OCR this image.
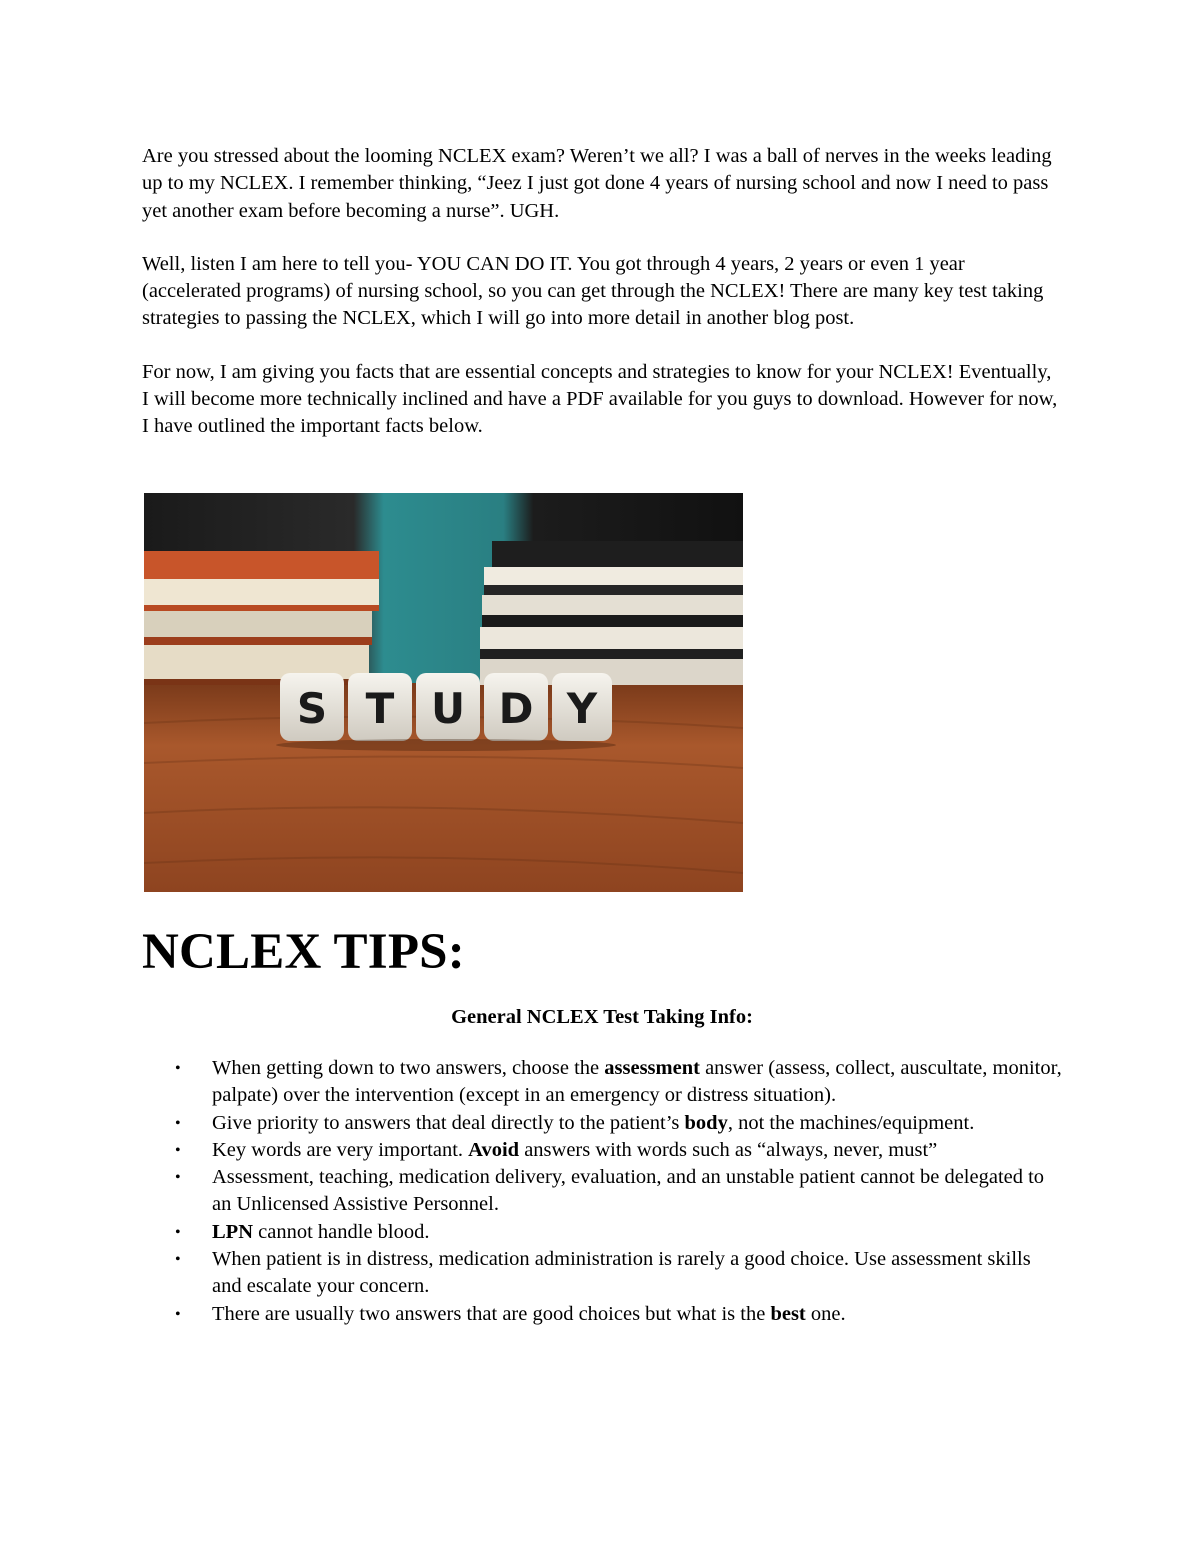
Are you stressed about the looming NCLEX exam? Weren’t we all? I was a ball of nerves in the weeks leading up to my NCLEX. I remember thinking, “Jeez I just got done 4 years of nursing school and now I need to pass yet another exam before becoming a nurse”. UGH.

Well, listen I am here to tell you- YOU CAN DO IT. You got through 4 years, 2 years or even 1 year (accelerated programs) of nursing school, so you can get through the NCLEX! There are many key test taking strategies to passing the NCLEX, which I will go into more detail in another blog post.

For now, I am giving you facts that are essential concepts and strategies to know for your NCLEX! Eventually, I will become more technically inclined and have a PDF available for you guys to download. However for now, I have outlined the important facts below.

S T U D Y
NCLEX TIPS:

General NCLEX Test Taking Info:

• When getting down to two answers, choose the assessment answer (assess, collect, auscultate, monitor, palpate) over the intervention (except in an emergency or distress situation).
• Give priority to answers that deal directly to the patient’s body, not the machines/equipment.
• Key words are very important. Avoid answers with words such as “always, never, must”
• Assessment, teaching, medication delivery, evaluation, and an unstable patient cannot be delegated to an Unlicensed Assistive Personnel.
• LPN cannot handle blood.
• When patient is in distress, medication administration is rarely a good choice. Use assessment skills and escalate your concern.
• There are usually two answers that are good choices but what is the best one.
